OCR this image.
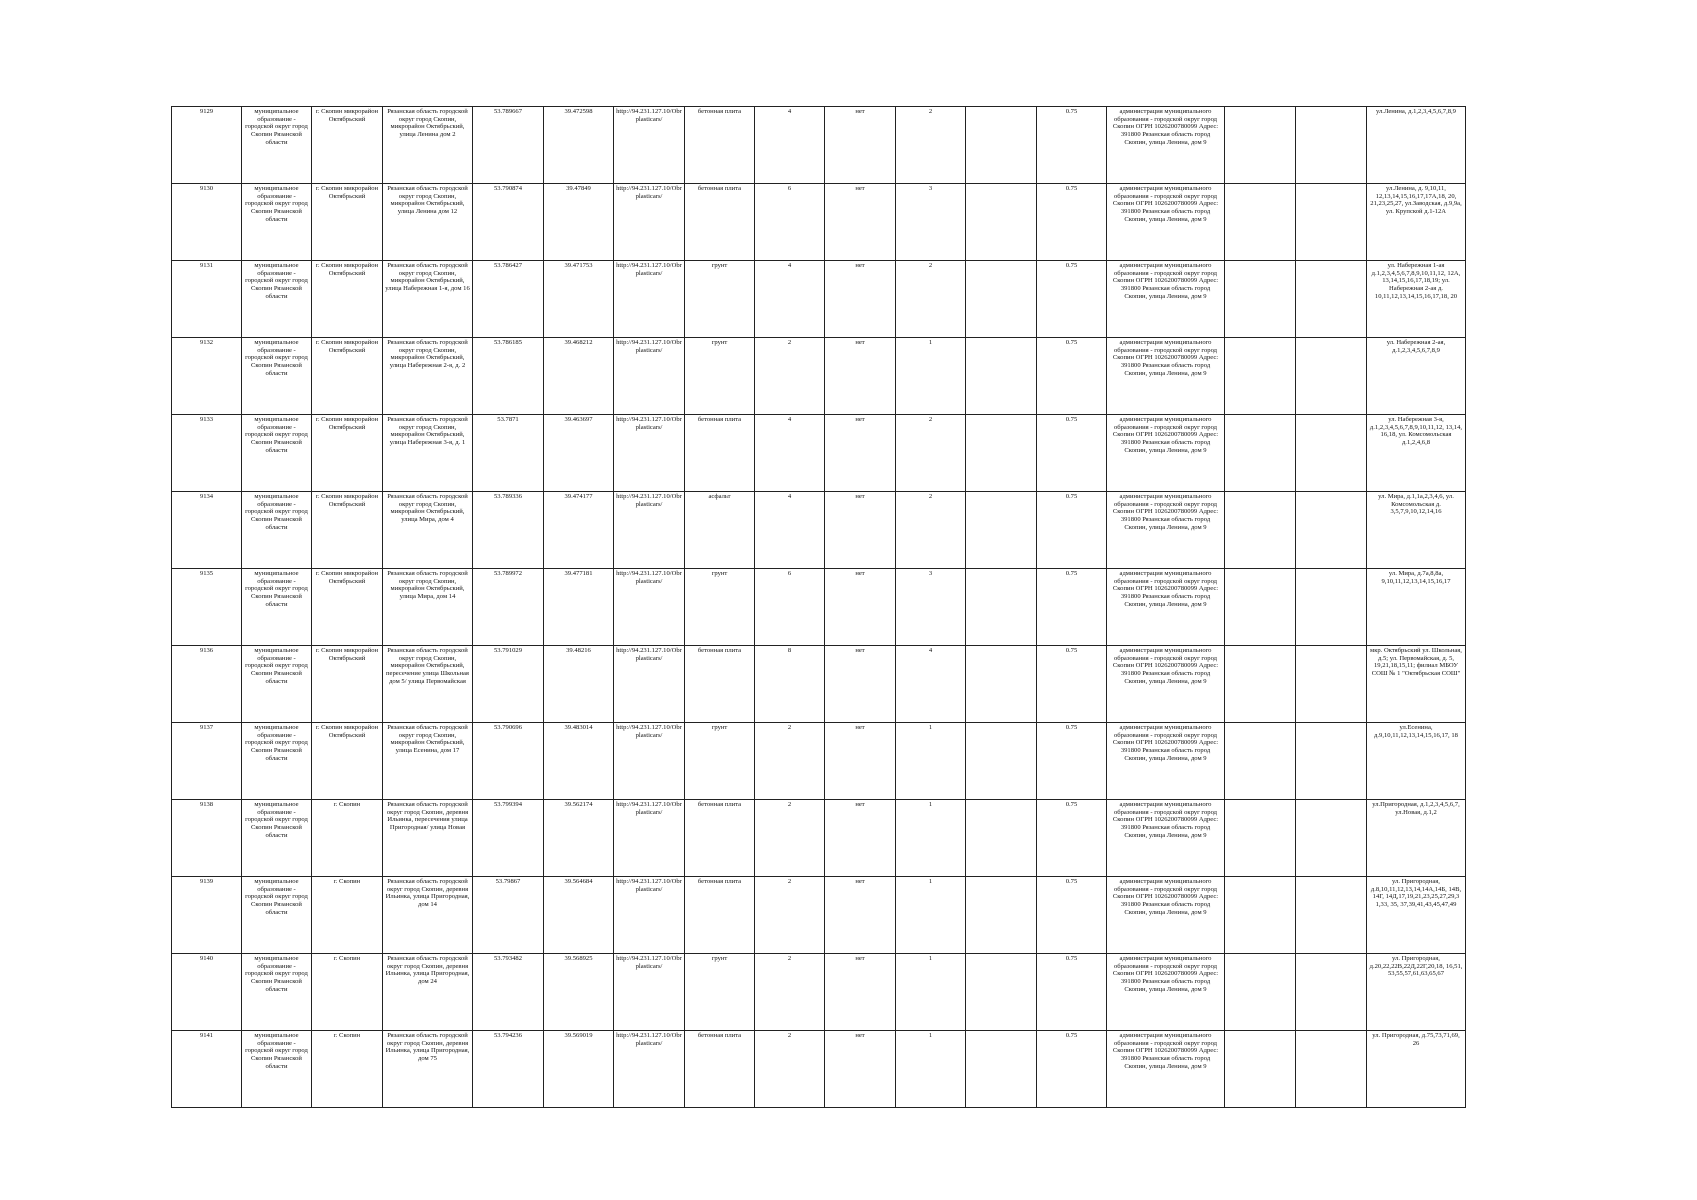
9129	муниципальное образование - городской округ город Скопин Рязанской области	г. Скопин микрорайон Октябрьский	Рязанская область городской округ город Скопин, микрорайон Октябрьский, улица Ленина дом 2	53.789667	39.472598	http://94.231.127.10/Obrplasticars/	бетонная плита	4	нет	2		0.75	администрация муниципального образования - городской округ город Скопин ОГРН 1026200780099 Адрес: 391800 Рязанская область город Скопин, улица Ленина, дом 9			ул.Ленина, д.1,2,3,4,5,6,7,8,9
9130	муниципальное образование - городской округ город Скопин Рязанской области	г. Скопин микрорайон Октябрьский	Рязанская область городской округ город Скопин, микрорайон Октябрьский, улица Ленина дом 12	53.790874	39.47849	http://94.231.127.10/Obrplasticars/	бетонная плита	6	нет	3		0.75	администрация муниципального образования - городской округ город Скопин ОГРН 1026200780099 Адрес: 391800 Рязанская область город Скопин, улица Ленина, дом 9			ул.Ленина, д. 9,10,11, 12,13,14,15,16,17,17А,18, 20, 21,23,25,27, ул.Заводская, д.9,9а, ул. Крупской д.1-12А
9131	муниципальное образование - городской округ город Скопин Рязанской области	г. Скопин микрорайон Октябрьский	Рязанская область городской округ город Скопин, микрорайон Октябрьский, улица Набережная 1-я, дом 16	53.786427	39.471753	http://94.231.127.10/Obrplasticars/	грунт	4	нет	2		0.75	администрация муниципального образования - городской округ город Скопин ОГРН 1026200780099 Адрес: 391800 Рязанская область город Скопин, улица Ленина, дом 9			ул. Набережная 1-ая д.1,2,3,4,5,6,7,8,9,10,11,12, 12А, 13,14,15,16,17,18,19; ул. Набережная 2-ая д. 10,11,12,13,14,15,16,17,18, 20
9132	муниципальное образование - городской округ город Скопин Рязанской области	г. Скопин микрорайон Октябрьский	Рязанская область городской округ город Скопин, микрорайон Октябрьский, улица Набережная 2-я, д. 2	53.786185	39.468212	http://94.231.127.10/Obrplasticars/	грунт	2	нет	1		0.75	администрация муниципального образования - городской округ город Скопин ОГРН 1026200780099 Адрес: 391800 Рязанская область город Скопин, улица Ленина, дом 9			ул. Набережная 2-ая, д.1,2,3,4,5,6,7,8,9
9133	муниципальное образование - городской округ город Скопин Рязанской области	г. Скопин микрорайон Октябрьский	Рязанская область городской округ город Скопин, микрорайон Октябрьский, улица Набережная 3-я, д. 1	53.7871	39.463697	http://94.231.127.10/Obrplasticars/	бетонная плита	4	нет	2		0.75	администрация муниципального образования - городской округ город Скопин ОГРН 1026200780099 Адрес: 391800 Рязанская область город Скопин, улица Ленина, дом 9			ул. Набережная 3-я, д.1,2,3,4,5,6,7,8,9,10,11,12, 13,14, 16,18, ул. Комсомольская д.1,2,4,6,8
9134	муниципальное образование - городской округ город Скопин Рязанской области	г. Скопин микрорайон Октябрьский	Рязанская область городской округ город Скопин, микрорайон Октябрьский, улица Мира, дом 4	53.789336	39.474177	http://94.231.127.10/Obrplasticars/	асфальт	4	нет	2		0.75	администрация муниципального образования - городской округ город Скопин ОГРН 1026200780099 Адрес: 391800 Рязанская область город Скопин, улица Ленина, дом 9			ул. Мира, д.1,1а,2,3,4,6, ул. Комсомольская д. 3,5,7,9,10,12,14,16
9135	муниципальное образование - городской округ город Скопин Рязанской области	г. Скопин микрорайон Октябрьский	Рязанская область городской округ город Скопин, микрорайон Октябрьский, улица Мира, дом 14	53.789972	39.477181	http://94.231.127.10/Obrplasticars/	грунт	6	нет	3		0.75	администрация муниципального образования - городской округ город Скопин ОГРН 1026200780099 Адрес: 391800 Рязанская область город Скопин, улица Ленина, дом 9			ул. Мира, д.7а,8,8а, 9,10,11,12,13,14,15,16,17
9136	муниципальное образование - городской округ город Скопин Рязанской области	г. Скопин микрорайон Октябрьский	Рязанская область городской округ город Скопин, микрорайон Октябрьский, пересечение улица Школьная дом 5/ улица Первомайская	53.791029	39.48216	http://94.231.127.10/Obrplasticars/	бетонная плита	8	нет	4		0.75	администрация муниципального образования - городской округ город Скопин ОГРН 1026200780099 Адрес: 391800 Рязанская область город Скопин, улица Ленина, дом 9			мкр. Октябрьский ул. Школьная, д.5; ул. Первомайская, д. 5, 19,21,18,15,11; филиал МБОУ СОШ № 1 "Октябрьская СОШ"
9137	муниципальное образование - городской округ город Скопин Рязанской области	г. Скопин микрорайон Октябрьский	Рязанская область городской округ город Скопин, микрорайон Октябрьский, улица Есенина, дом 17	53.790696	39.483014	http://94.231.127.10/Obrplasticars/	грунт	2	нет	1		0.75	администрация муниципального образования - городской округ город Скопин ОГРН 1026200780099 Адрес: 391800 Рязанская область город Скопин, улица Ленина, дом 9			ул.Есенина, д.9,10,11,12,13,14,15,16,17, 18
9138	муниципальное образование - городской округ город Скопин Рязанской области	г. Скопин	Рязанская область городской округ город Скопин, деревня Ильинка, пересечения улица Пригородная/ улица Новая	53.799394	39.562174	http://94.231.127.10/Obrplasticars/	бетонная плита	2	нет	1		0.75	администрация муниципального образования - городской округ город Скопин ОГРН 1026200780099 Адрес: 391800 Рязанская область город Скопин, улица Ленина, дом 9			ул.Пригородная, д.1,2,3,4,5,6,7, ул.Новая, д.1,2
9139	муниципальное образование - городской округ город Скопин Рязанской области	г. Скопин	Рязанская область городской округ город Скопин, деревня Ильинка, улица Пригородная, дом 14	53.79867	39.564684	http://94.231.127.10/Obrplasticars/	бетонная плита	2	нет	1		0.75	администрация муниципального образования - городской округ город Скопин ОГРН 1026200780099 Адрес: 391800 Рязанская область город Скопин, улица Ленина, дом 9			ул. Пригородная, д.8,10,11,12,13,14,14А,14Б, 14В, 14Г, 14Д,17,19,21,23,25,27,29,3 1,33, 35, 37,39,41,43,45,47,49
9140	муниципальное образование - городской округ город Скопин Рязанской области	г. Скопин	Рязанская область городской округ город Скопин, деревня Ильинка, улица Пригородная, дом 24	53.793482	39.568925	http://94.231.127.10/Obrplasticars/	грунт	2	нет	1		0.75	администрация муниципального образования - городской округ город Скопин ОГРН 1026200780099 Адрес: 391800 Рязанская область город Скопин, улица Ленина, дом 9			ул. Пригородная, д.20,22,22В,22Д,22Г,20,18, 16,51, 53,55,57,61,63,65,67
9141	муниципальное образование - городской округ город Скопин Рязанской области	г. Скопин	Рязанская область городской округ город Скопин, деревня Ильинка, улица Пригородная, дом 75	53.794236	39.569019	http://94.231.127.10/Obrplasticars/	бетонная плита	2	нет	1		0.75	администрация муниципального образования - городской округ город Скопин ОГРН 1026200780099 Адрес: 391800 Рязанская область город Скопин, улица Ленина, дом 9			ул. Пригородная, д.75,73,71,69, 26
